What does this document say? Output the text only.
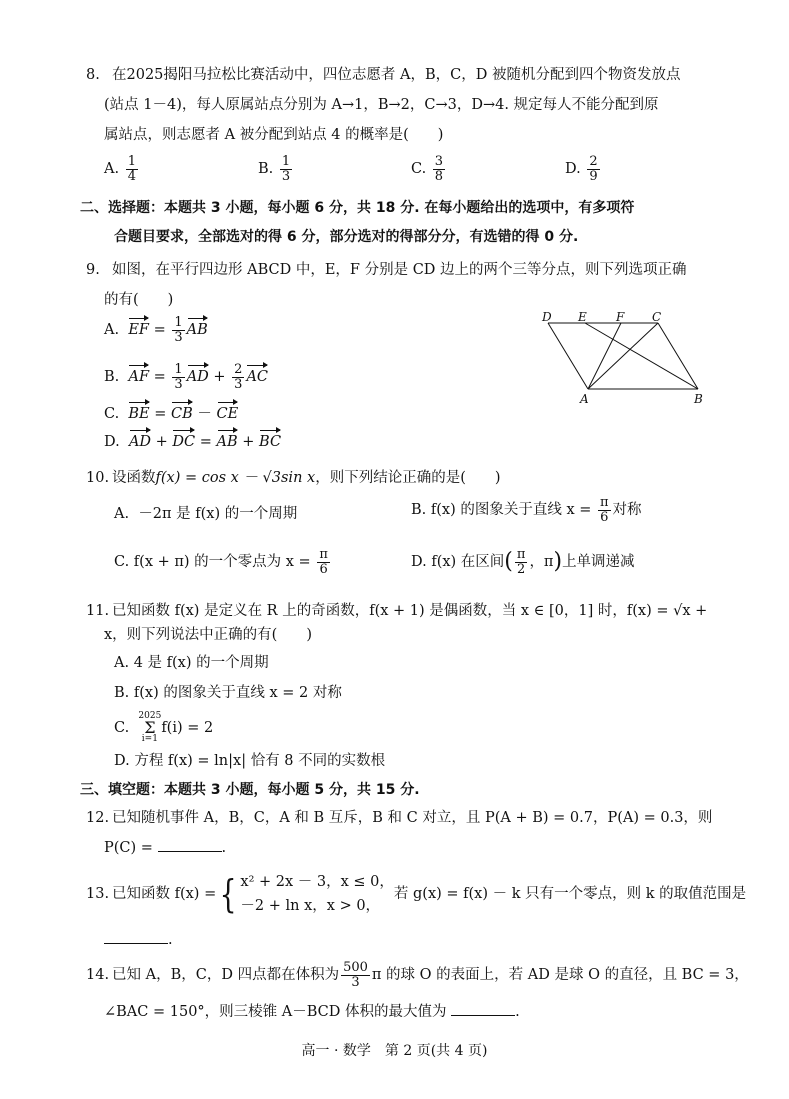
8. 在2025揭阳马拉松比赛活动中，四位志愿者 A，B，C，D 被随机分配到四个物资发放点
(站点 1－4)，每人原属站点分别为 A→1，B→2，C→3，D→4. 规定每人不能分配到原
属站点，则志愿者 A 被分配到站点 4 的概率是(　　)
A. $\frac{1}{4}$	B. $\frac{1}{3}$	C. $\frac{3}{8}$	D. $\frac{2}{9}$
二、选择题：本题共 3 小题，每小题 6 分，共 18 分. 在每小题给出的选项中，有多项符
合题目要求，全部选对的得 6 分，部分选对的得部分分，有选错的得 0 分.
9. 如图，在平行四边形 ABCD 中，E，F 分别是 CD 边上的两个三等分点，则下列选项正确
的有(　　)
A. EF = $\frac{1}{3}$ AB
B. AF = $\frac{1}{3}$ AD + $\frac{2}{3}$ AC
C. BE = CB － CE
D. AD + DC = AB + BC
D E F C
A	B
10. 设函数f(x) = cos x － √3sin x，则下列结论正确的是(　　)
A. －2π 是 f(x) 的一个周期	B. f(x) 的图象关于直线 $x = \frac{\pi}{6}$ 对称
C. f(x + π) 的一个零点为 $x = \frac{\pi}{6}$	D. f(x) 在区间( $\frac{\pi}{2}$ ，π)上单调递减
11. 已知函数 f(x) 是定义在 R 上的奇函数，f(x + 1) 是偶函数，当 x ∈ [0，1] 时，f(x) = √x +
x，则下列说法中正确的有(　　)
A. 4 是 f(x) 的一个周期
B. f(x) 的图象关于直线 x = 2 对称
C.  2025
Σ
i=1f(i) = 2
D. 方程 f(x) = ln|x| 恰有 8 不同的实数根
三、填空题：本题共 3 小题，每小题 5 分，共 15 分.
12. 已知随机事件 A，B，C，A 和 B 互斥，B 和 C 对立，且 P(A + B) = 0.7，P(A) = 0.3，则
P(C) =	.
13. 已知函数 f(x) ={ x² + 2x － 3，x ≤ 0，
－2 + ln x，x > 0，
若 g(x) = f(x) － k 只有一个零点，则 k 的取值范围是
.
14. 已知 A，B，C，D 四点都在体积为 $\frac{500}{3}$ π 的球 O 的表面上，若 AD 是球 O 的直径，且 BC = 3，
∠BAC = 150°，则三棱锥 A－BCD 体积的最大值为	.
高一 · 数学　第 2 页(共 4 页)
